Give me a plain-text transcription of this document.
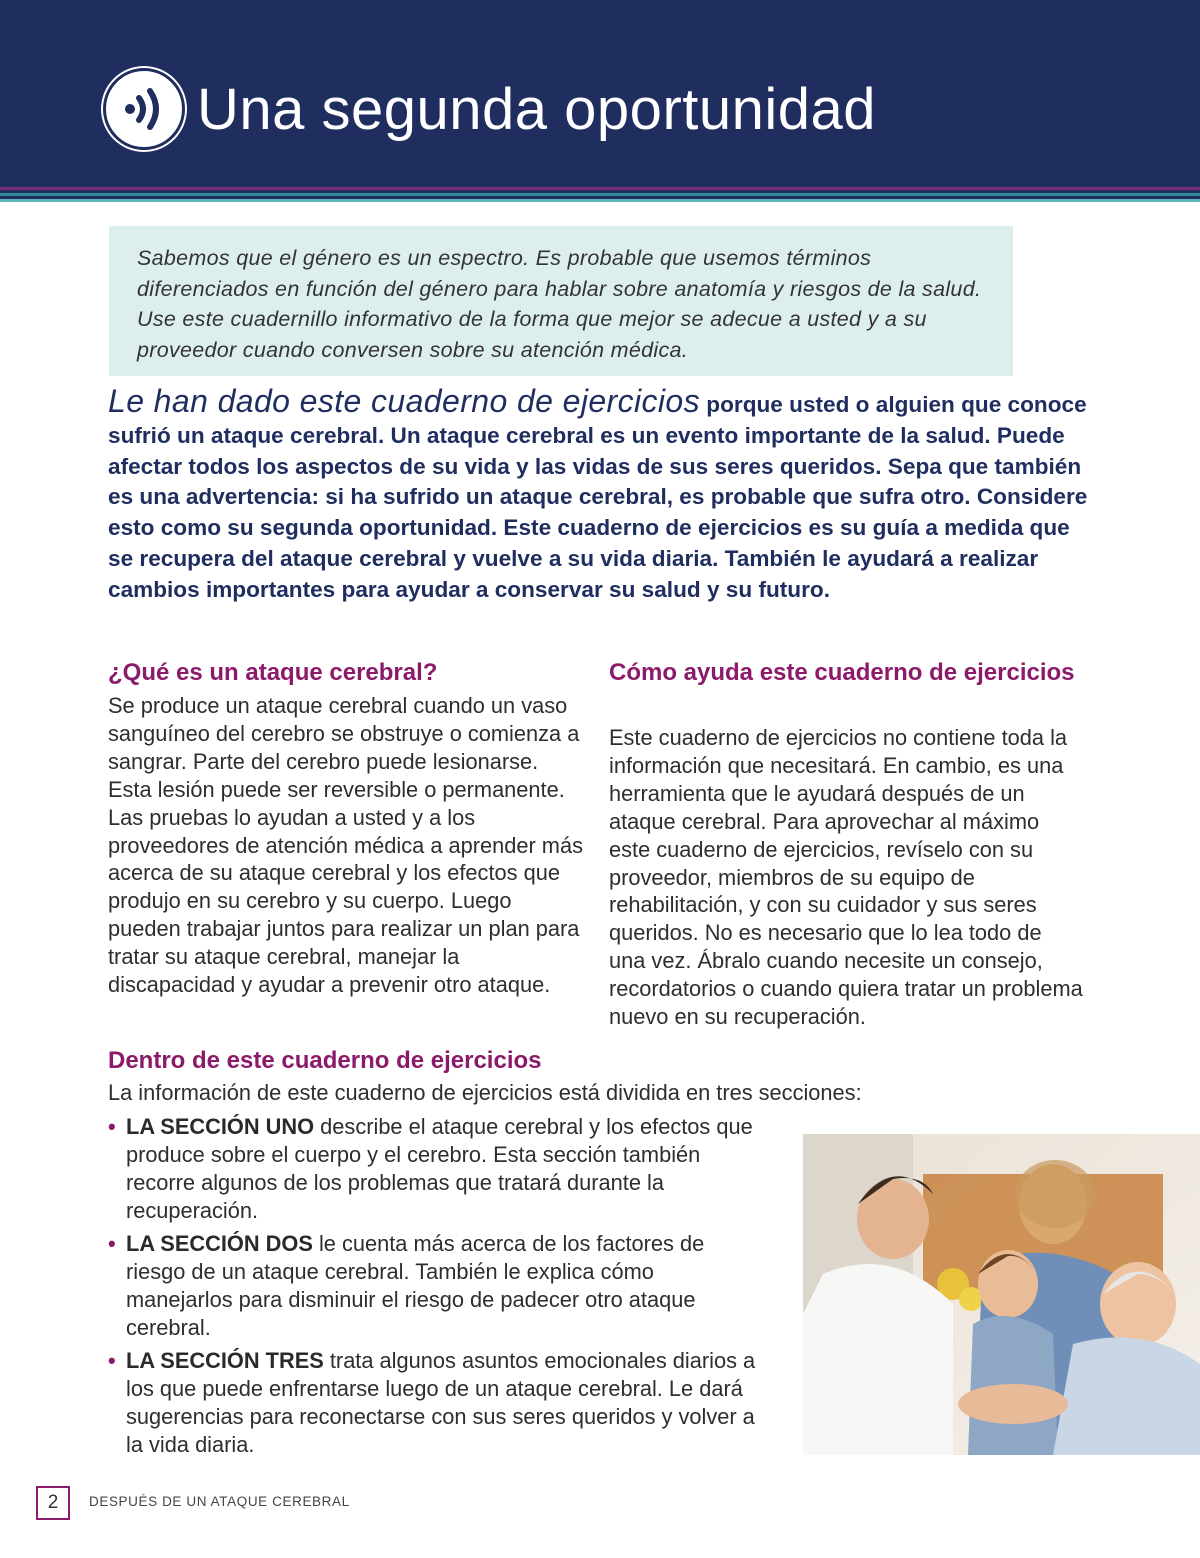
Una segunda oportunidad

Sabemos que el género es un espectro. Es probable que usemos términos diferenciados en función del género para hablar sobre anatomía y riesgos de la salud. Use este cuadernillo informativo de la forma que mejor se adecue a usted y a su proveedor cuando conversen sobre su atención médica.

Le han dado este cuaderno de ejercicios porque usted o alguien que conoce sufrió un ataque cerebral. Un ataque cerebral es un evento importante de la salud. Puede afectar todos los aspectos de su vida y las vidas de sus seres queridos. Sepa que también es una advertencia: si ha sufrido un ataque cerebral, es probable que sufra otro. Considere esto como su segunda oportunidad. Este cuaderno de ejercicios es su guía a medida que se recupera del ataque cerebral y vuelve a su vida diaria. También le ayudará a realizar cambios importantes para ayudar a conservar su salud y su futuro.

¿Qué es un ataque cerebral?

Se produce un ataque cerebral cuando un vaso sanguíneo del cerebro se obstruye o comienza a sangrar. Parte del cerebro puede lesionarse. Esta lesión puede ser reversible o permanente. Las pruebas lo ayudan a usted y a los proveedores de atención médica a aprender más acerca de su ataque cerebral y los efectos que produjo en su cerebro y su cuerpo. Luego pueden trabajar juntos para realizar un plan para tratar su ataque cerebral, manejar la discapacidad y ayudar a prevenir otro ataque.

Cómo ayuda este cuaderno de ejercicios

Este cuaderno de ejercicios no contiene toda la información que necesitará. En cambio, es una herramienta que le ayudará después de un ataque cerebral. Para aprovechar al máximo este cuaderno de ejercicios, revíselo con su proveedor, miembros de su equipo de rehabilitación, y con su cuidador y sus seres queridos. No es necesario que lo lea todo de una vez. Ábralo cuando necesite un consejo, recordatorios o cuando quiera tratar un problema nuevo en su recuperación.

Dentro de este cuaderno de ejercicios

La información de este cuaderno de ejercicios está dividida en tres secciones:

• LA SECCIÓN UNO describe el ataque cerebral y los efectos que produce sobre el cuerpo y el cerebro. Esta sección también recorre algunos de los problemas que tratará durante la recuperación.
• LA SECCIÓN DOS le cuenta más acerca de los factores de riesgo de un ataque cerebral. También le explica cómo manejarlos para disminuir el riesgo de padecer otro ataque cerebral.
• LA SECCIÓN TRES trata algunos asuntos emocionales diarios a los que puede enfrentarse luego de un ataque cerebral. Le dará sugerencias para reconectarse con sus seres queridos y volver a la vida diaria.
2	DESPUÉS DE UN ATAQUE CEREBRAL
